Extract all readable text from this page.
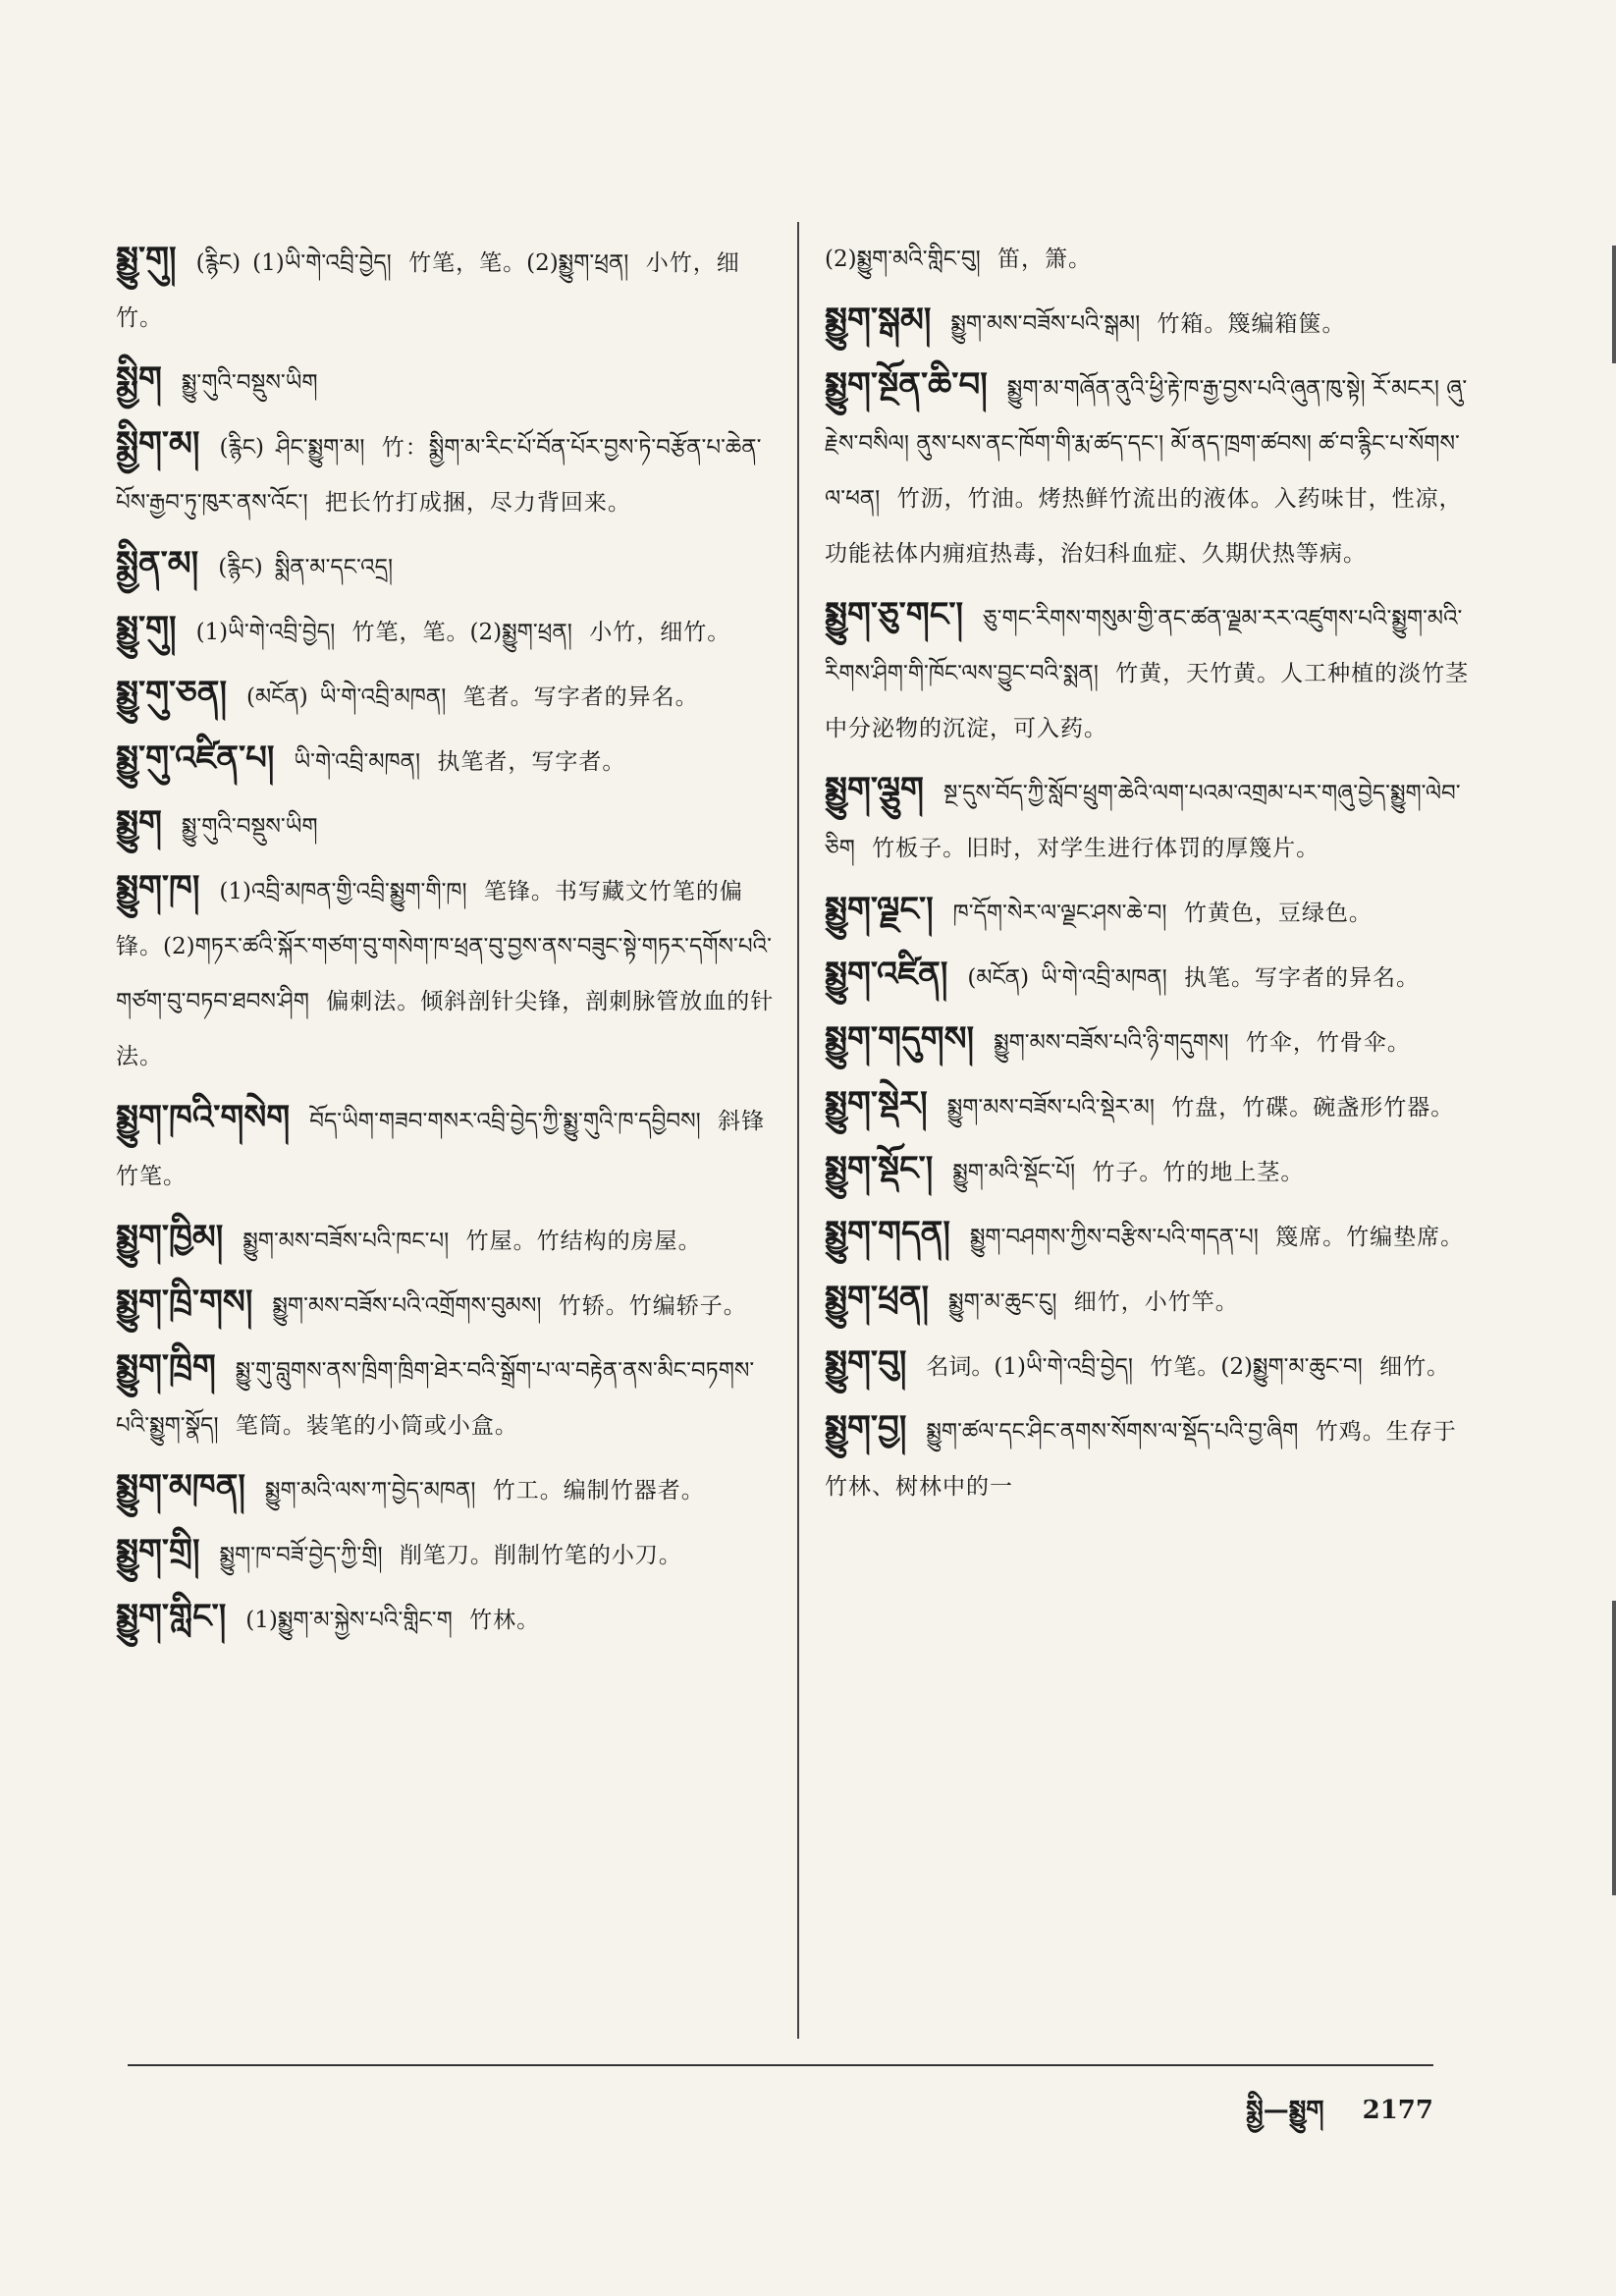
སྨྱུ་གུ། (རྙིང) (1)ཡི་གེ་འབྲི་བྱེད། 竹笔，笔。(2)སྨྱུག་ཕྲན། 小竹，细竹。
སྨྱིག སྨྱུ་གུའི་བསྡུས་ཡིག
སྨྱིག་མ། (རྙིང) ཤིང་སྨྱུག་མ། 竹：སྨྱིག་མ་རིང་པོ་བོན་པོར་བྱས་ཏེ་བརྩོན་པ་ཆེན་པོས་རྒྱབ་ཏུ་ཁུར་ནས་འོང་། 把长竹打成捆，尽力背回来。
སྨྱིན་མ། (རྙིང) སྨིན་མ་དང་འདྲ།
སྨྱུ་གུ། (1)ཡི་གེ་འབྲི་བྱེད། 竹笔，笔。(2)སྨྱུག་ཕྲན། 小竹，细竹。
སྨྱུ་གུ་ཅན། (མངོན) ཡི་གེ་འབྲི་མཁན། 笔者。写字者的异名。
སྨྱུ་གུ་འཛིན་པ། ཡི་གེ་འབྲི་མཁན། 执笔者，写字者。
སྨྱུག སྨྱུ་གུའི་བསྡུས་ཡིག
སྨྱུག་ཁ། (1)འབྲི་མཁན་གྱི་འབྲི་སྨྱུག་གི་ཁ། 笔锋。书写藏文竹笔的偏锋。(2)གཏར་ཚའི་སྐོར་གཙག་བུ་གསེག་ཁ་ཕྲན་བུ་བྱས་ནས་བཟུང་སྟེ་གཏར་དགོས་པའི་གཙག་བུ་བཏབ་ཐབས་ཤིག 偏刺法。倾斜剖针尖锋，剖刺脉管放血的针法。
སྨྱུག་ཁའི་གསེག བོད་ཡིག་གཟབ་གསར་འབྲི་བྱེད་ཀྱི་སྨྱུ་གུའི་ཁ་དབྱིབས། 斜锋竹笔。
སྨྱུག་ཁྱིམ། སྨྱུག་མས་བཟོས་པའི་ཁང་པ། 竹屋。竹结构的房屋。
སྨྱུག་ཁྲི་གས། སྨྱུག་མས་བཟོས་པའི་འགྲོགས་བུམས། 竹轿。竹编轿子。
སྨྱུག་ཁྲིག སྨྱུ་གུ་བླུགས་ནས་ཁྲིག་ཁྲིག་ཐེར་བའི་སྒྲོག་པ་ལ་བརྟེན་ནས་མིང་བཏགས་པའི་སྨྱུག་སྣོད། 笔筒。装笔的小筒或小盒。
སྨྱུག་མཁན། སྨྱུག་མའི་ལས་ཀ་བྱེད་མཁན། 竹工。编制竹器者。
སྨྱུག་གྲི། སྨྱུག་ཁ་བཟོ་བྱེད་ཀྱི་གྲི། 削笔刀。削制竹笔的小刀。
སྨྱུག་གླིང་། (1)སྨྱུག་མ་སྐྱེས་པའི་གླིང་ག 竹林。
(2)སྨྱུག་མའི་གླིང་བུ། 笛，箫。
སྨྱུག་སྒམ། སྨྱུག་མས་བཟོས་པའི་སྒམ། 竹箱。篾编箱箧。
སྨྱུག་སྔོན་ཆི་བ། སྨྱུག་མ་གཞོན་ནུའི་ཕྱི་རྟེ་ཁ་རྒྱ་བྱས་པའི་ཞུན་ཁུ་སྟེ། རོ་མངར། ཞུ་རྗེས་བསིལ། ནུས་པས་ནང་ཁོག་གི་རྨ་ཚད་དང་། མོ་ནད་ཁྲག་ཚབས། ཚ་བ་རྙིང་པ་སོགས་ལ་ཕན། 竹沥，竹油。烤热鲜竹流出的液体。入药味甘，性凉，功能祛体内痈疽热毒，治妇科血症、久期伏热等病。
སྨྱུག་ཅུ་གང་། ཅུ་གང་རིགས་གསུམ་གྱི་ནང་ཚན་ལྗམ་རར་འཛུགས་པའི་སྨྱུག་མའི་རིགས་ཤིག་གི་ཁོང་ལས་བྱུང་བའི་སྨན། 竹黄，天竹黄。人工种植的淡竹茎中分泌物的沉淀，可入药。
སྨྱུག་ལྕུག སྔ་དུས་བོད་ཀྱི་སློབ་ཕྲུག་ཆེའི་ལག་པའམ་འགྲམ་པར་གཞུ་བྱེད་སྨྱུག་ལེབ་ཅིག 竹板子。旧时，对学生进行体罚的厚篾片。
སྨྱུག་ལྗང་། ཁ་དོག་སེར་ལ་ལྗང་ཤས་ཆེ་བ། 竹黄色，豆绿色。
སྨྱུག་འཛིན། (མངོན) ཡི་གེ་འབྲི་མཁན། 执笔。写字者的异名。
སྨྱུག་གདུགས། སྨྱུག་མས་བཟོས་པའི་ཉི་གདུགས། 竹伞，竹骨伞。
སྨྱུག་སྡེར། སྨྱུག་མས་བཟོས་པའི་སྡེར་མ། 竹盘，竹碟。碗盏形竹器。
སྨྱུག་སྡོང་། སྨྱུག་མའི་སྡོང་པོ། 竹子。竹的地上茎。
སྨྱུག་གདན། སྨྱུག་བཤགས་ཀྱིས་བརྩིས་པའི་གདན་པ། 篾席。竹编垫席。
སྨྱུག་ཕྲན། སྨྱུག་མ་ཆུང་ངུ། 细竹，小竹竿。
སྨྱུག་བུ། 名词。(1)ཡི་གེ་འབྲི་བྱེད། 竹笔。(2)སྨྱུག་མ་ཆུང་བ། 细竹。
སྨྱུག་བྱ། སྨྱུག་ཚལ་དང་ཤིང་ནགས་སོགས་ལ་སྡོད་པའི་བྱ་ཞིག 竹鸡。生存于竹林、树林中的一
སྨྱི—སྨྱུག 2177
